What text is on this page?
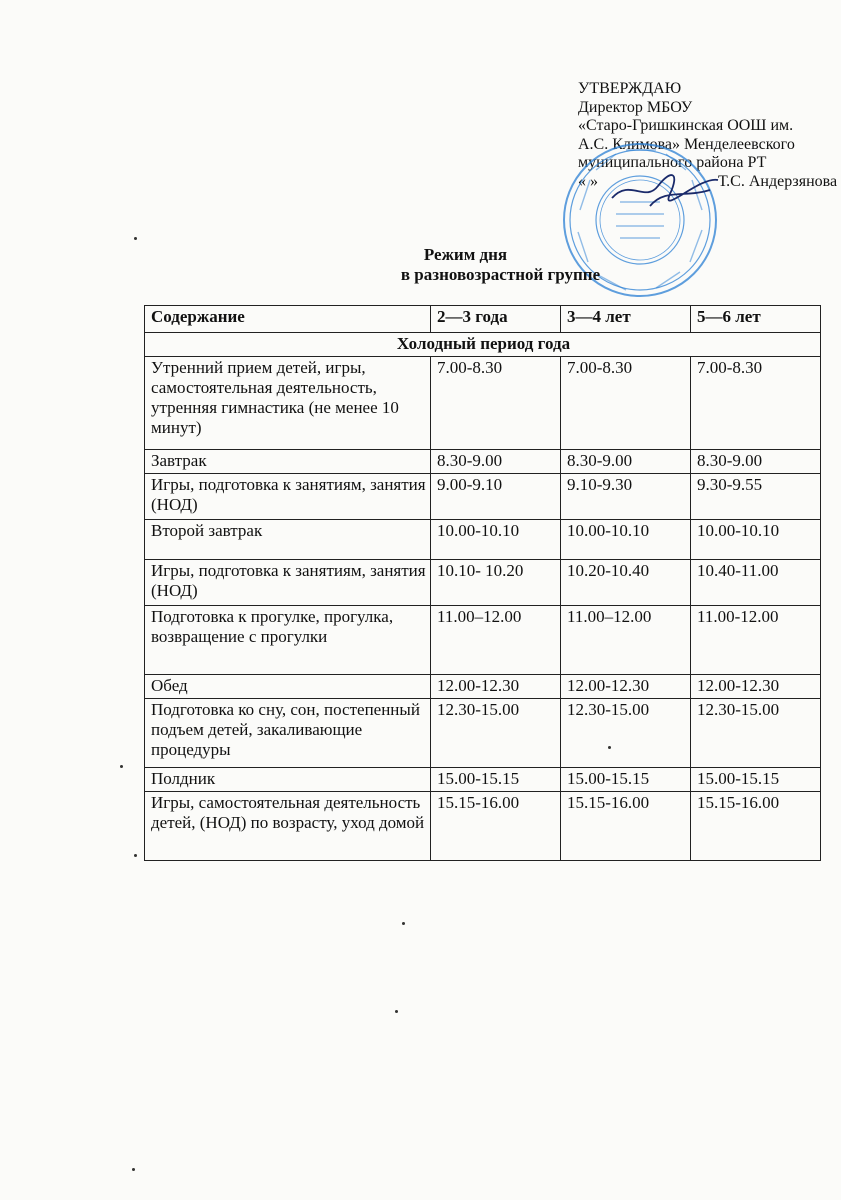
УТВЕРЖДАЮ
Директор МБОУ
«Старо-Гришкинская ООШ им.
А.С. Климова» Менделеевского
муниципального района РТ
« »	Т.С. Андерзянова
Режим дня
в разновозрастной группе
Содержание	2—3 года	3—4 лет	5—6 лет
Холодный период года			
Утренний прием детей, игры, самостоятельная деятельность, утренняя гимнастика (не менее 10 минут)	7.00-8.30	7.00-8.30	7.00-8.30
Завтрак	8.30-9.00	8.30-9.00	8.30-9.00
Игры, подготовка к занятиям, занятия (НОД)	9.00-9.10	9.10-9.30	9.30-9.55
Второй завтрак	10.00-10.10	10.00-10.10	10.00-10.10
Игры, подготовка к занятиям, занятия (НОД)	10.10- 10.20	10.20-10.40	10.40-11.00
Подготовка к прогулке, прогулка, возвращение с прогулки	11.00–12.00	11.00–12.00	11.00-12.00
Обед	12.00-12.30	12.00-12.30	12.00-12.30
Подготовка ко сну, сон, постепенный подъем детей, закаливающие процедуры	12.30-15.00	12.30-15.00	12.30-15.00
Полдник	15.00-15.15	15.00-15.15	15.00-15.15
Игры, самостоятельная деятельность детей, (НОД) по возрасту, уход домой	15.15-16.00	15.15-16.00	15.15-16.00
